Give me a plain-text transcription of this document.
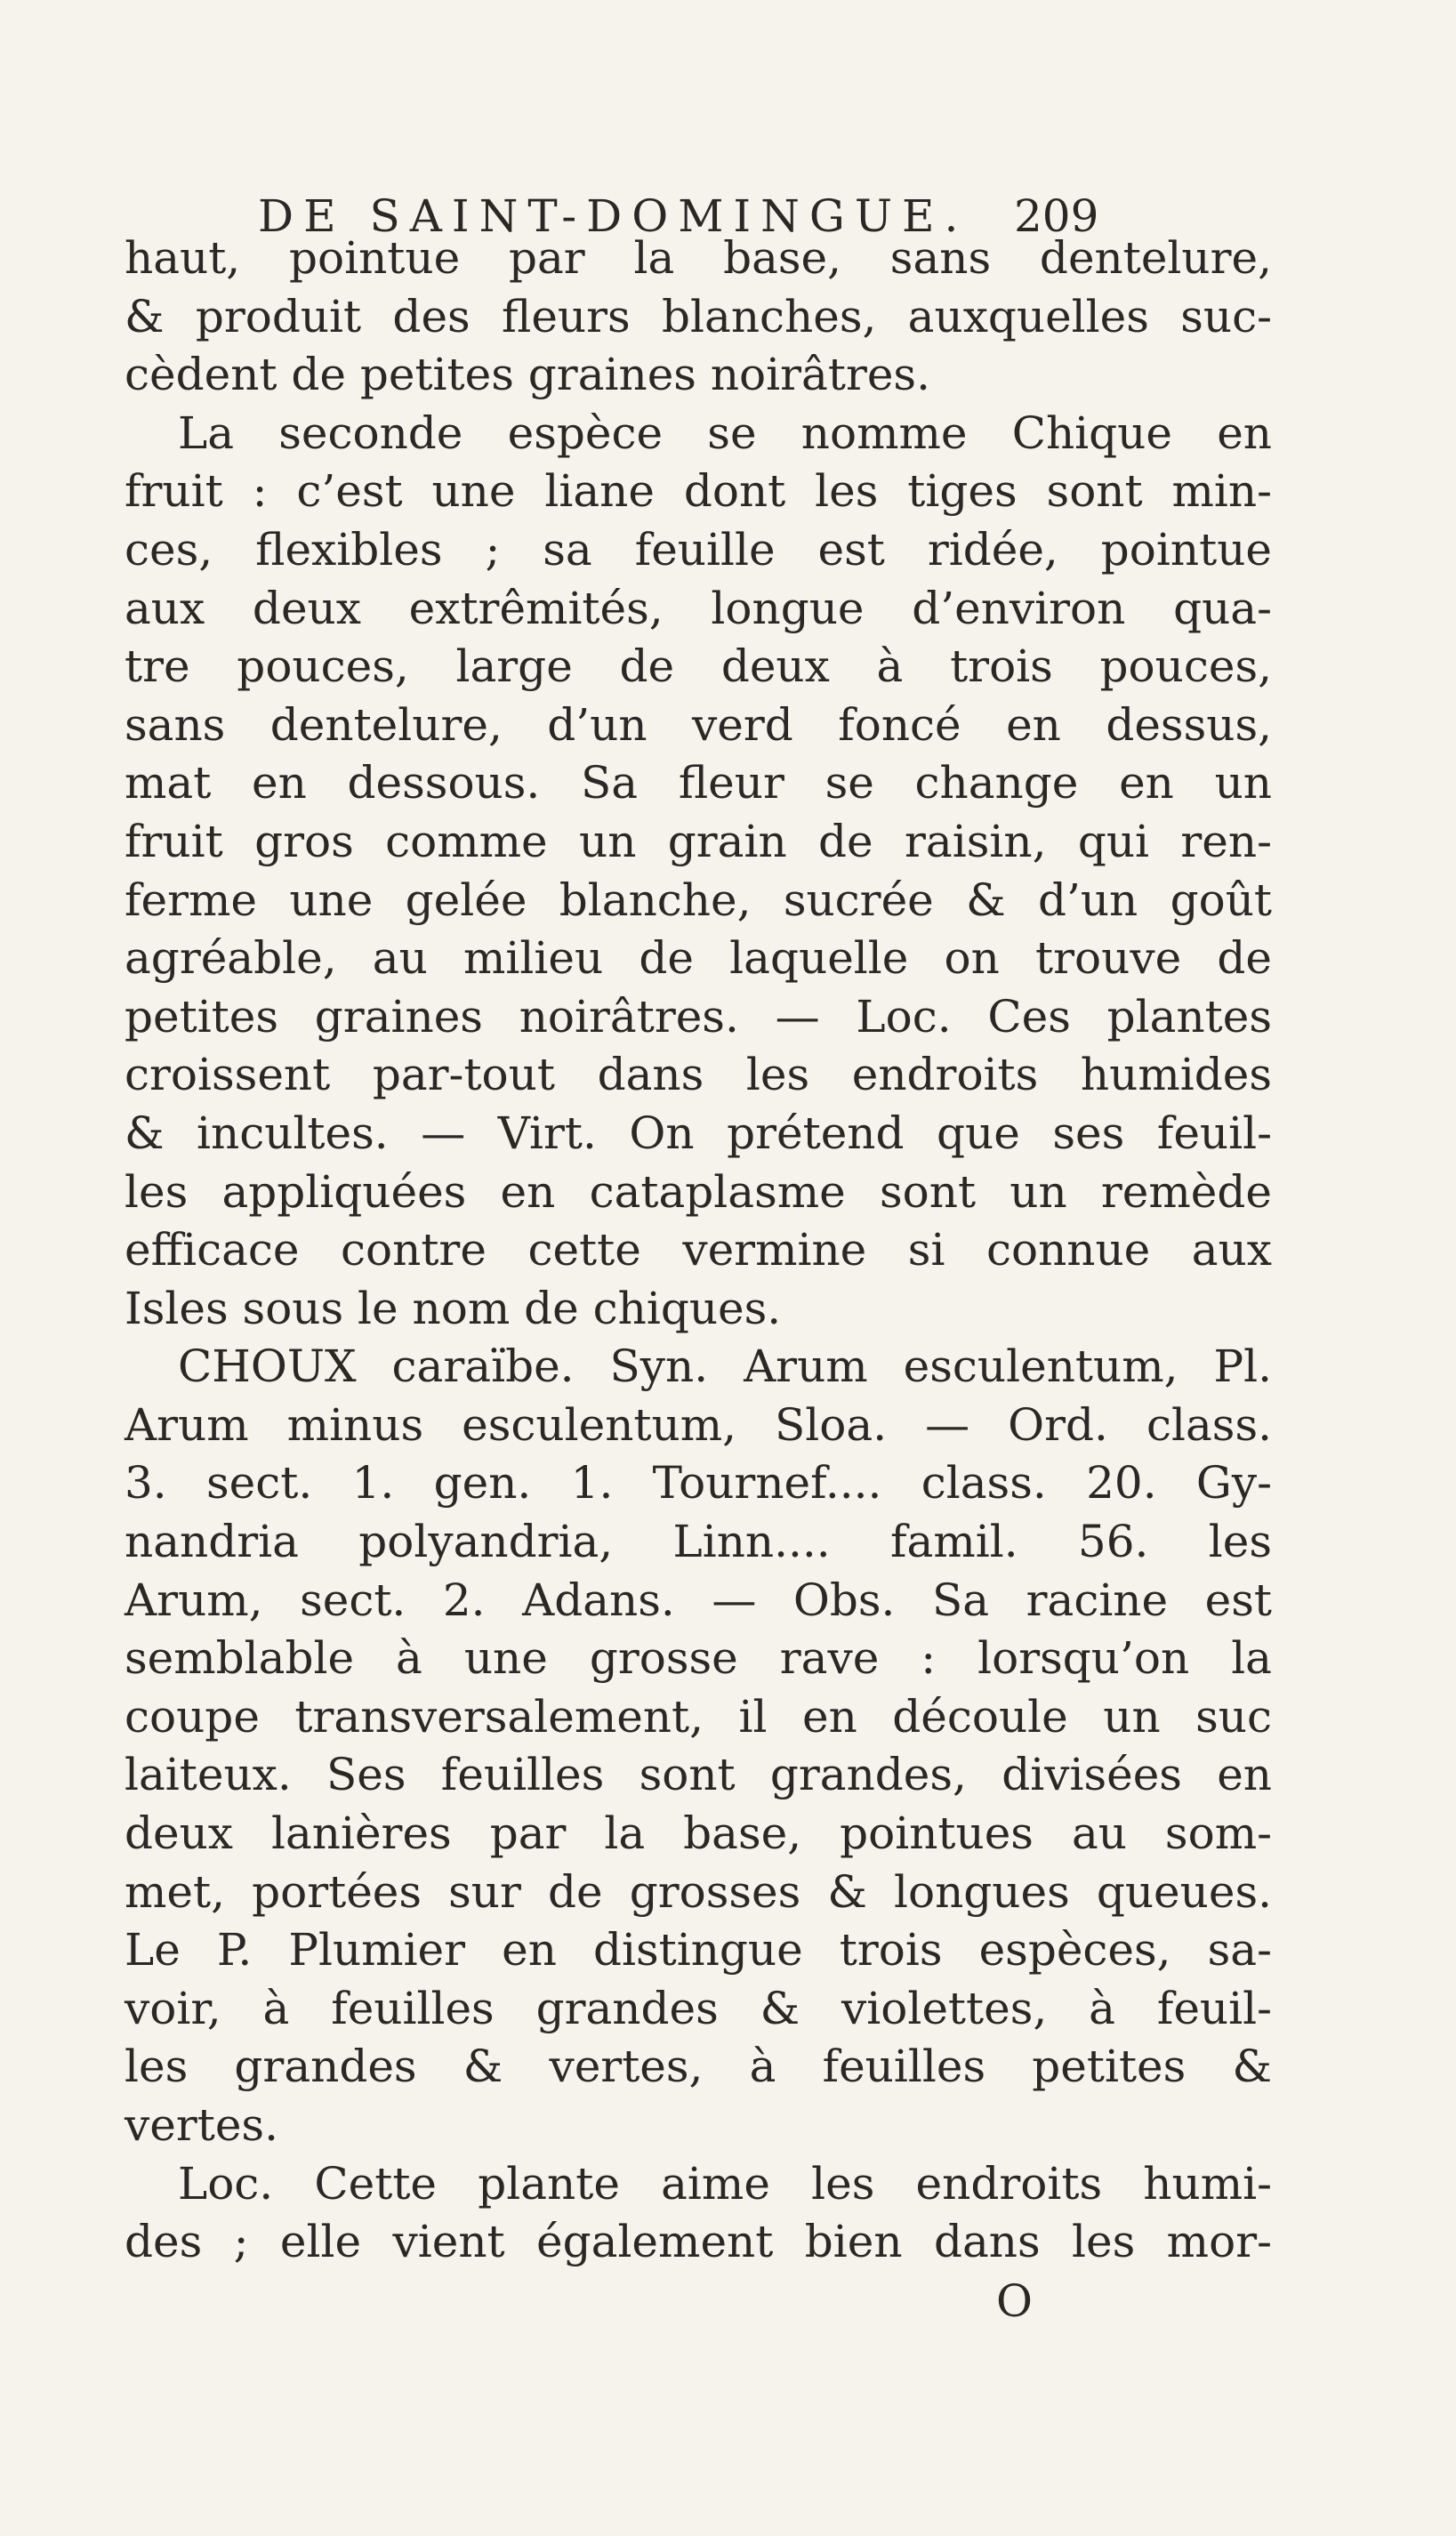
DE SAINT-DOMINGUE. 209
haut, pointue par la base, sans dentelure,
& produit des fleurs blanches, auxquelles suc-
cèdent de petites graines noirâtres.
La seconde espèce se nomme Chique en
fruit : c’est une liane dont les tiges sont min-
ces, flexibles ; sa feuille est ridée, pointue
aux deux extrêmités, longue d’environ qua-
tre pouces, large de deux à trois pouces,
sans dentelure, d’un verd foncé en dessus,
mat en dessous. Sa fleur se change en un
fruit gros comme un grain de raisin, qui ren-
ferme une gelée blanche, sucrée & d’un goût
agréable, au milieu de laquelle on trouve de
petites graines noirâtres. — Loc. Ces plantes
croissent par-tout dans les endroits humides
& incultes. — Virt. On prétend que ses feuil-
les appliquées en cataplasme sont un remède
efficace contre cette vermine si connue aux
Isles sous le nom de chiques.
CHOUX caraïbe. Syn. Arum esculentum, Pl.
Arum minus esculentum, Sloa. — Ord. class.
3. sect. 1. gen. 1. Tournef.... class. 20. Gy-
nandria polyandria, Linn.... famil. 56. les
Arum, sect. 2. Adans. — Obs. Sa racine est
semblable à une grosse rave : lorsqu’on la
coupe transversalement, il en découle un suc
laiteux. Ses feuilles sont grandes, divisées en
deux lanières par la base, pointues au som-
met, portées sur de grosses & longues queues.
Le P. Plumier en distingue trois espèces, sa-
voir, à feuilles grandes & violettes, à feuil-
les grandes & vertes, à feuilles petites &
vertes.
Loc. Cette plante aime les endroits humi-
des ; elle vient également bien dans les mor-
O
